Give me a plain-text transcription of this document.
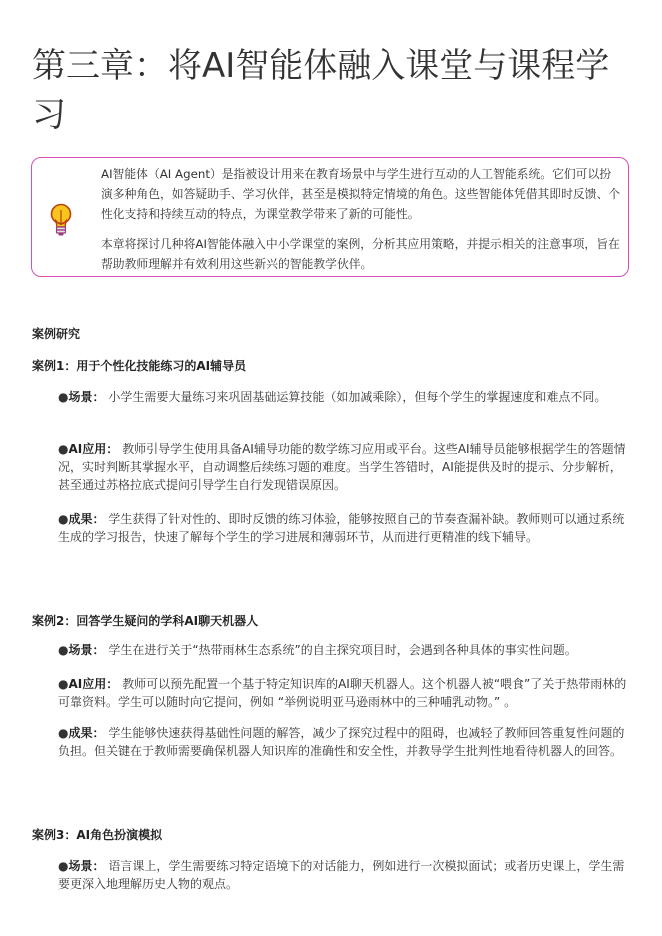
第三章：将AI智能体融入课堂与课程学习

AI智能体（AI Agent）是指被设计用来在教育场景中与学生进行互动的人工智能系统。它们可以扮演多种角色，如答疑助手、学习伙伴，甚至是模拟特定情境的角色。这些智能体凭借其即时反馈、个性化支持和持续互动的特点，为课堂教学带来了新的可能性。

本章将探讨几种将AI智能体融入中小学课堂的案例，分析其应用策略，并提示相关的注意事项，旨在帮助教师理解并有效利用这些新兴的智能教学伙伴。

案例研究
案例1：用于个性化技能练习的AI辅导员
●场景： 小学生需要大量练习来巩固基础运算技能（如加减乘除），但每个学生的掌握速度和难点不同。
●AI应用： 教师引导学生使用具备AI辅导功能的数学练习应用或平台。这些AI辅导员能够根据学生的答题情况，实时判断其掌握水平，自动调整后续练习题的难度。当学生答错时，AI能提供及时的提示、分步解析，甚至通过苏格拉底式提问引导学生自行发现错误原因。
●成果： 学生获得了针对性的、即时反馈的练习体验，能够按照自己的节奏查漏补缺。教师则可以通过系统生成的学习报告，快速了解每个学生的学习进展和薄弱环节，从而进行更精准的线下辅导。
案例2：回答学生疑问的学科AI聊天机器人
●场景： 学生在进行关于“热带雨林生态系统”的自主探究项目时，会遇到各种具体的事实性问题。
●AI应用： 教师可以预先配置一个基于特定知识库的AI聊天机器人。这个机器人被“喂食”了关于热带雨林的可靠资料。学生可以随时向它提问，例如 “举例说明亚马逊雨林中的三种哺乳动物。” 。
●成果： 学生能够快速获得基础性问题的解答，减少了探究过程中的阻碍，也减轻了教师回答重复性问题的负担。但关键在于教师需要确保机器人知识库的准确性和安全性，并教导学生批判性地看待机器人的回答。
案例3：AI角色扮演模拟
●场景： 语言课上，学生需要练习特定语境下的对话能力，例如进行一次模拟面试；或者历史课上，学生需要更深入地理解历史人物的观点。
